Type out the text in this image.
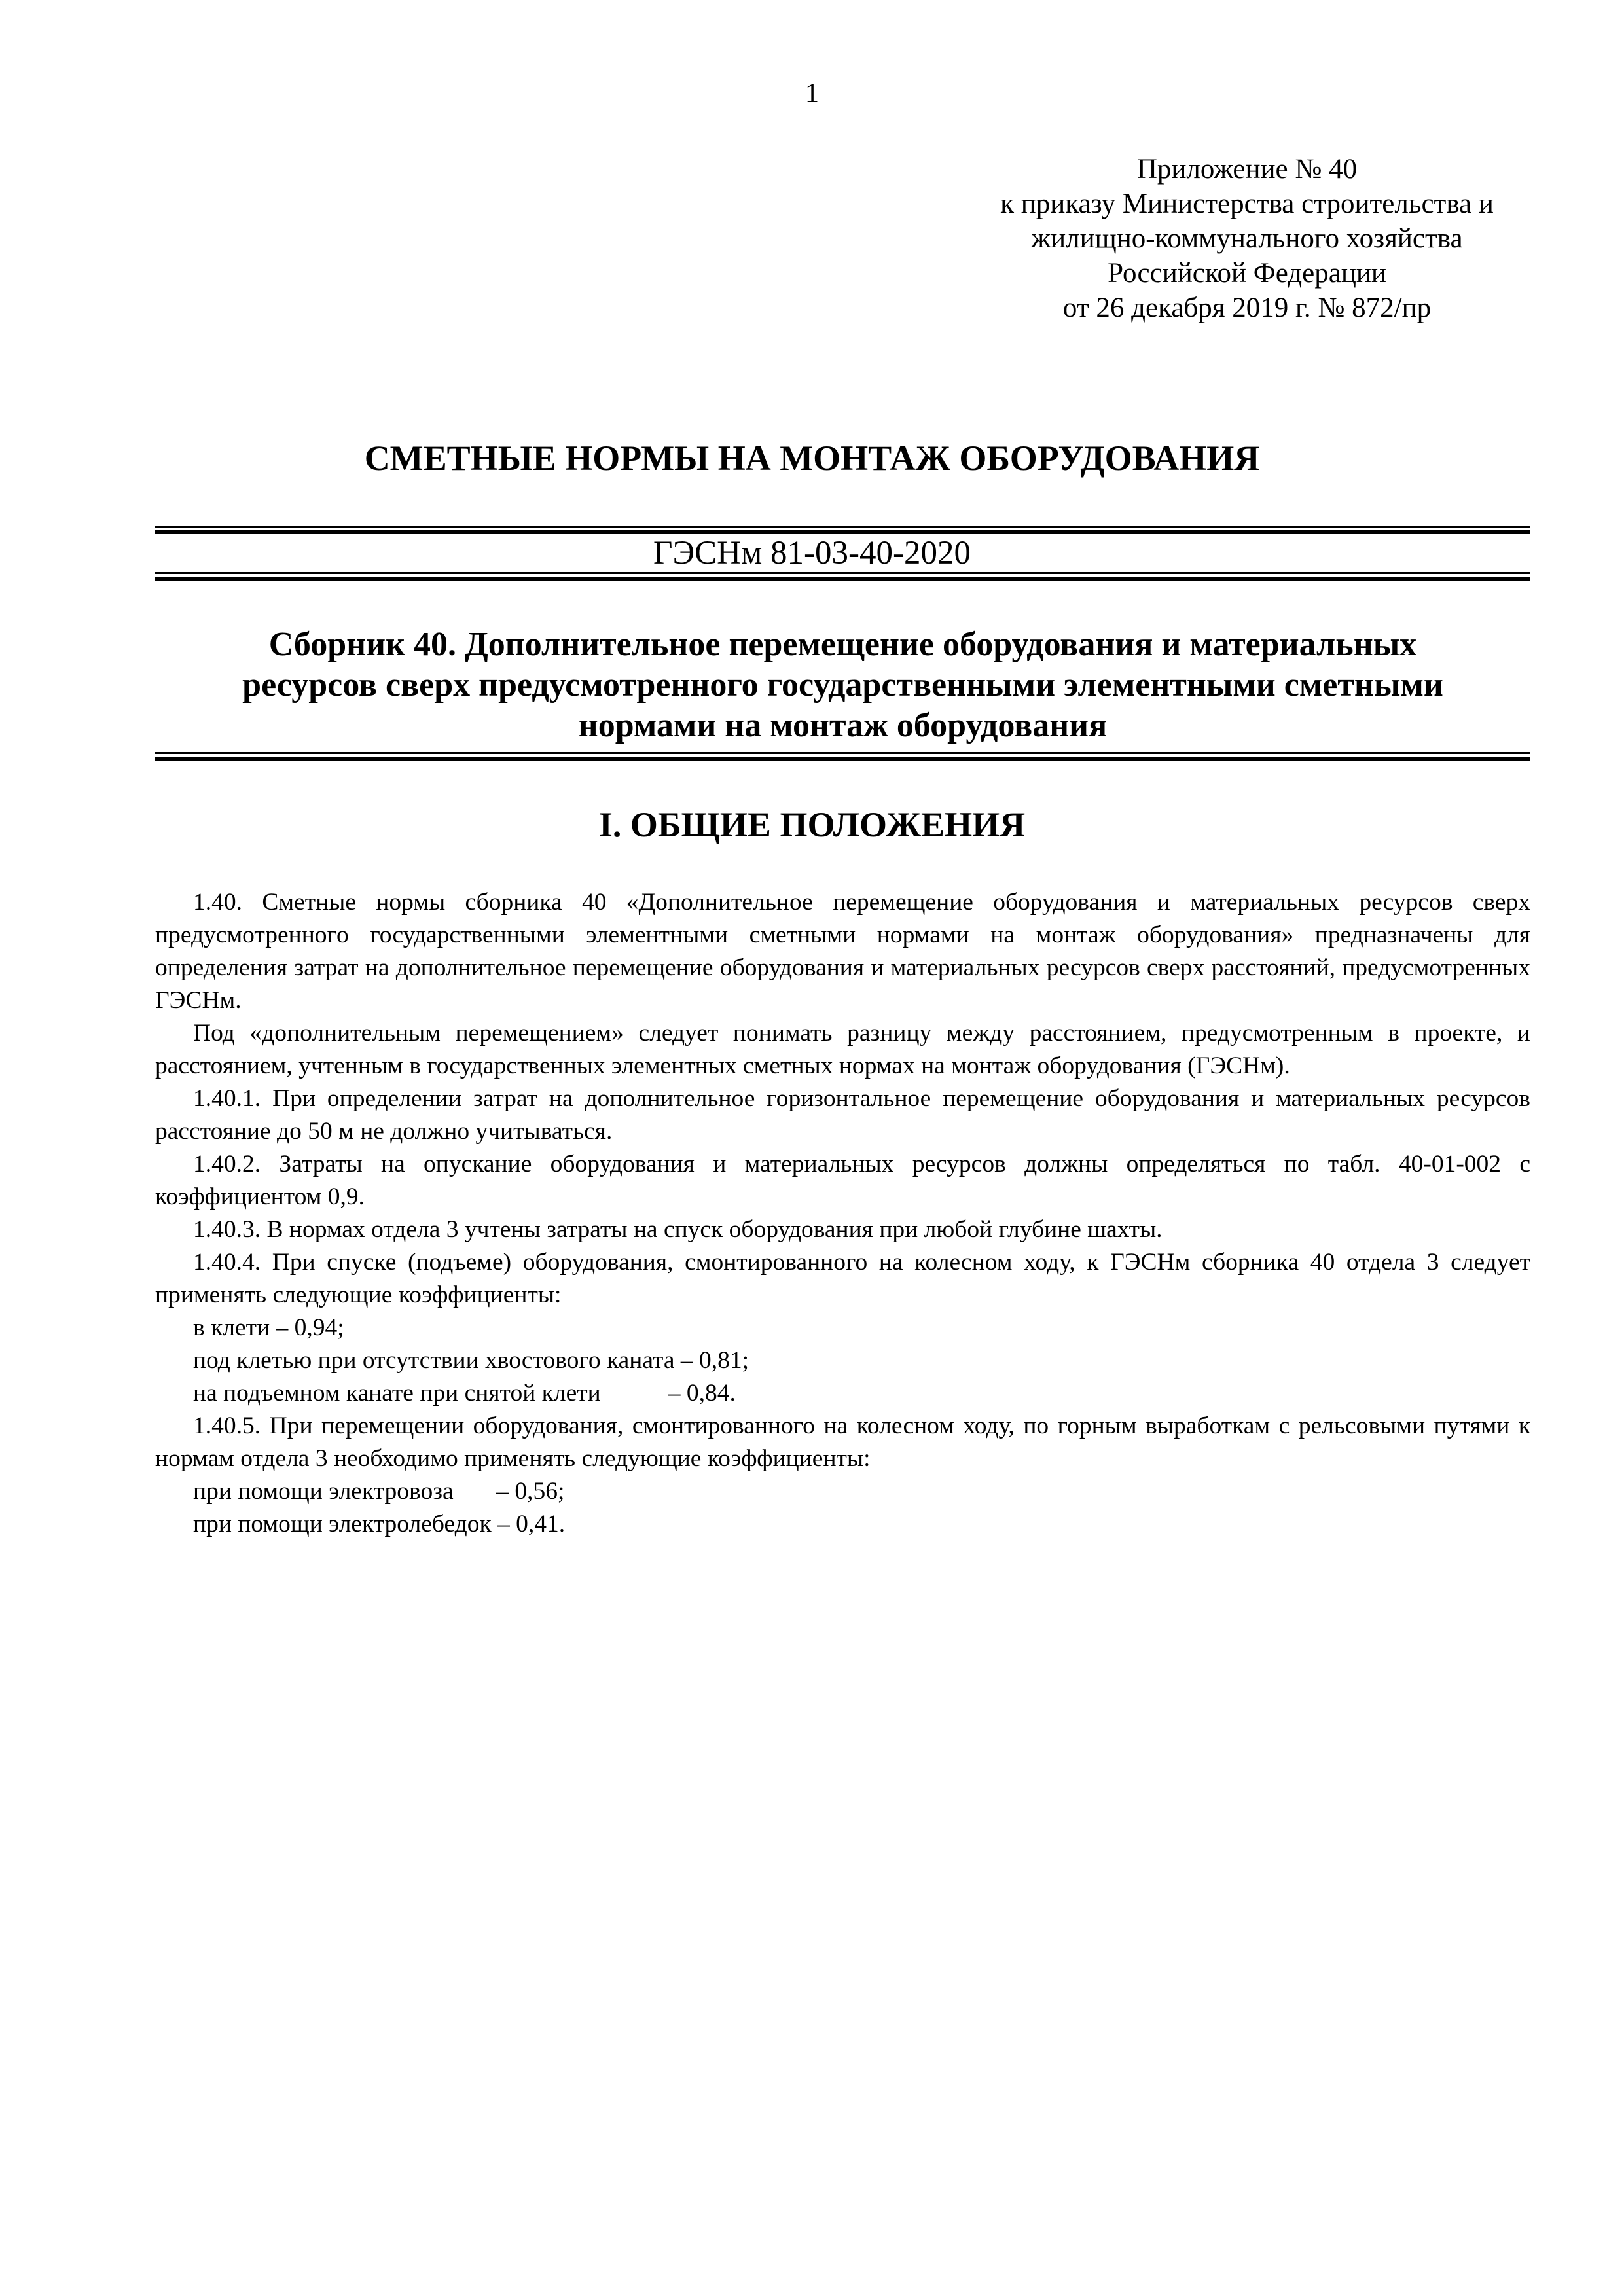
1
Приложение № 40
к приказу Министерства строительства и
жилищно-коммунального хозяйства
Российской Федерации
от 26 декабря 2019 г. № 872/пр
СМЕТНЫЕ НОРМЫ НА МОНТАЖ ОБОРУДОВАНИЯ
ГЭСНм 81-03-40-2020
Сборник 40. Дополнительное перемещение оборудования и материальных
ресурсов сверх предусмотренного государственными элементными сметными
нормами на монтаж оборудования
I. ОБЩИЕ ПОЛОЖЕНИЯ

1.40. Сметные нормы сборника 40 «Дополнительное перемещение оборудования и материальных ресурсов сверх предусмотренного государственными элементными сметными нормами на монтаж оборудования» предназначены для определения затрат на дополнительное перемещение оборудования и материальных ресурсов сверх расстояний, предусмотренных ГЭСНм.

Под «дополнительным перемещением» следует понимать разницу между расстоянием, предусмотренным в проекте, и расстоянием, учтенным в государственных элементных сметных нормах на монтаж оборудования (ГЭСНм).

1.40.1. При определении затрат на дополнительное горизонтальное перемещение оборудования и материальных ресурсов расстояние до 50 м не должно учитываться.

1.40.2. Затраты на опускание оборудования и материальных ресурсов должны определяться по табл. 40-01-002 с коэффициентом 0,9.

1.40.3. В нормах отдела 3 учтены затраты на спуск оборудования при любой глубине шахты.

1.40.4. При спуске (подъеме) оборудования, смонтированного на колесном ходу, к ГЭСНм сборника 40 отдела 3 следует применять следующие коэффициенты:

в клети – 0,94;
под клетью при отсутствии хвостового каната – 0,81;
на подъемном канате при снятой клети           – 0,84.

1.40.5. При перемещении оборудования, смонтированного на колесном ходу, по горным выработкам с рельсовыми путями к нормам отдела 3 необходимо применять следующие коэффициенты:

при помощи электровоза       – 0,56;
при помощи электролебедок – 0,41.
